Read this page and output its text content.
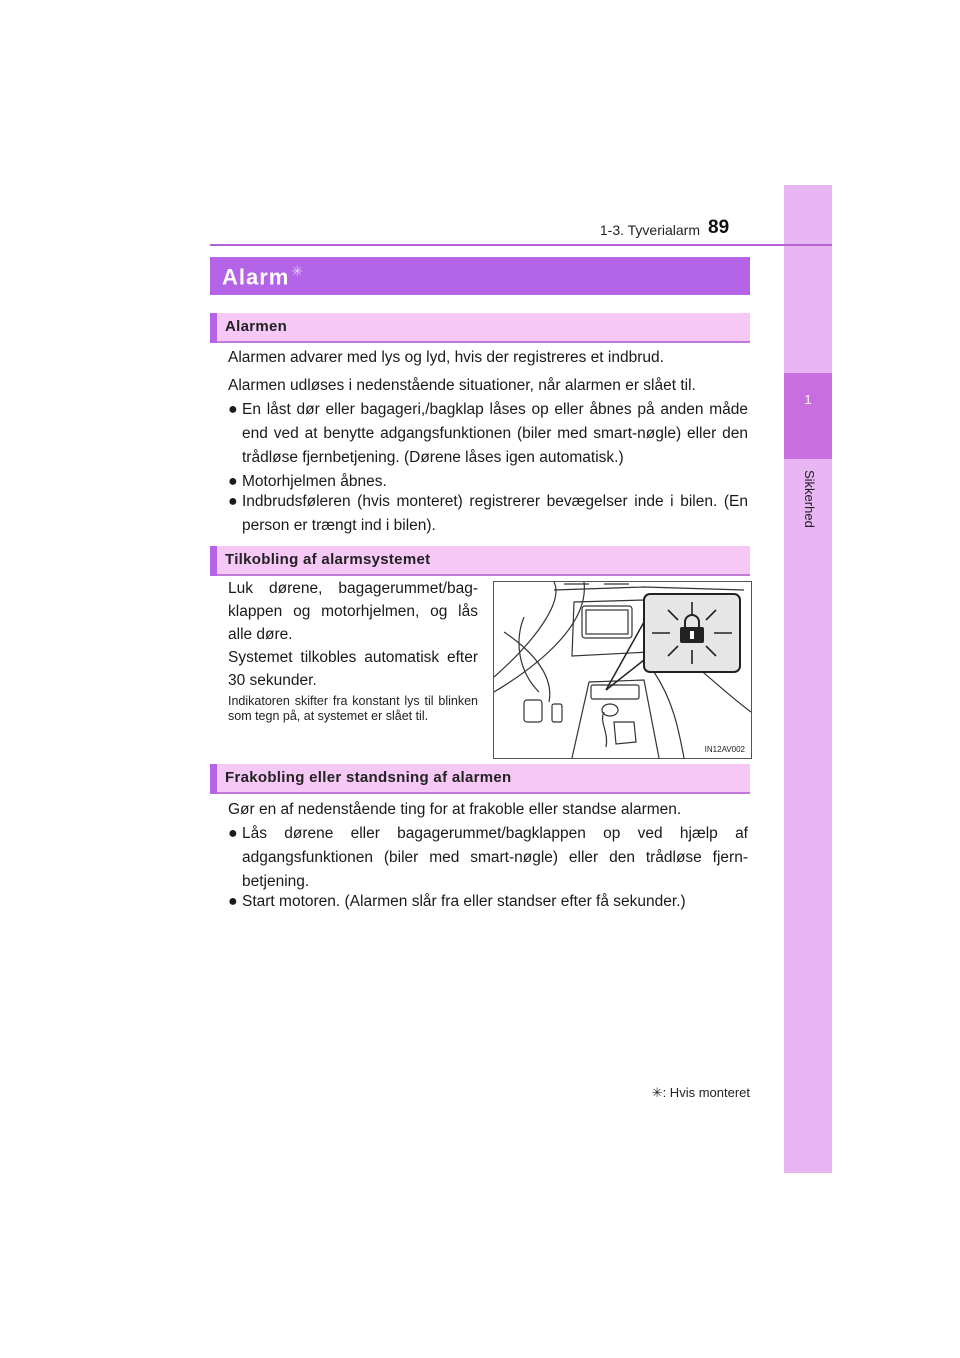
1
Sikkerhed
1-3. Tyverialarm 89
Alarm ✳
Alarmen
Alarmen advarer med lys og lyd, hvis der registreres et indbrud.
Alarmen udløses i nedenstående situationer, når alarmen er slået til.
● En låst dør eller bagageri,/bagklap låses op eller åbnes på anden måde end ved at benytte adgangsfunktionen (biler med smart-nøgle) eller den trådløse fjernbetjening. (Dørene låses igen automatisk.)
● Motorhjelmen åbnes.
● Indbrudsføleren (hvis monteret) registrerer bevægelser inde i bilen. (En person er trængt ind i bilen).
Tilkobling af alarmsystemet
Luk dørene, bagagerummet/bagklappen og motorhjelmen, og lås alle døre.
Systemet tilkobles automatisk efter 30 sekunder.
Indikatoren skifter fra konstant lys til blinken som tegn på, at systemet er slået til.
IN12AV002
Frakobling eller standsning af alarmen
Gør en af nedenstående ting for at frakoble eller standse alarmen.
● Lås dørene eller bagagerummet/bagklappen op ved hjælp af adgangsfunktionen (biler med smart-nøgle) eller den trådløse fjernbetjening.
● Start motoren. (Alarmen slår fra eller standser efter få sekunder.)
✳: Hvis monteret
